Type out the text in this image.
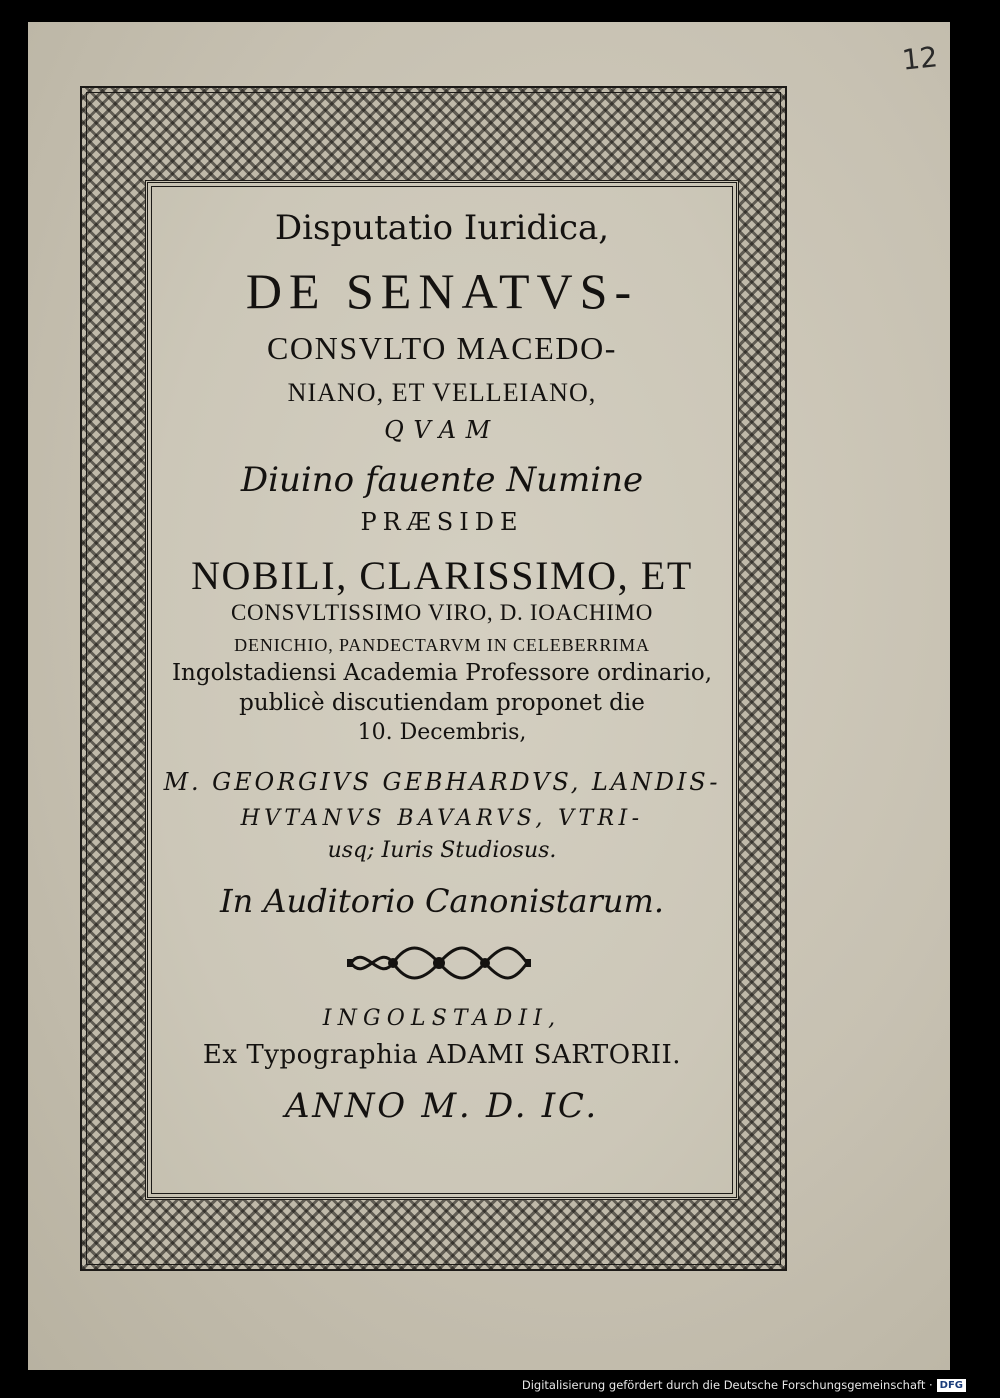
12
Disputatio Iuridica,
DE SENATVS-
CONSVLTO MACEDO-
NIANO, ET VELLEIANO,
QVAM
Diuino fauente Numine
PRÆSIDE
NOBILI, CLARISSIMO, ET
CONSVLTISSIMO VIRO, D. IOACHIMO
DENICHIO, PANDECTARVM IN CELEBERRIMA
Ingolstadiensi Academia Professore ordinario,
publicè discutiendam proponet die
10. Decembris,
M. GEORGIVS GEBHARDVS, LANDIS-
HVTANVS BAVARVS, VTRI-
usq; Iuris Studiosus.
In Auditorio Canonistarum.
INGOLSTADII,
Ex Typographia ADAMI SARTORII.
ANNO M. D. IC.
Digitalisierung gefördert durch die Deutsche Forschungsgemeinschaft · DFG
